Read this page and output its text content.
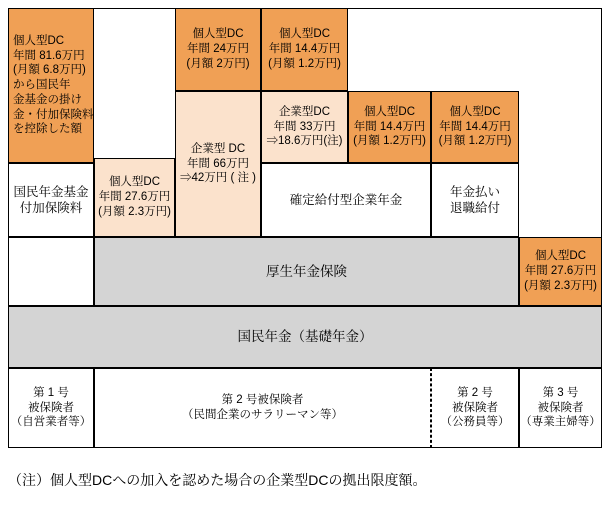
個人型DC
年間 81.6万円
(月額 6.8万円)
から国民年
金基金の掛け
金・付加保険料
を控除した額
国民年金基金
付加保険料
個人型DC
年間 27.6万円
(月額 2.3万円)
個人型DC
年間 24万円
(月額 2万円)
企業型 DC
年間 66万円
⇒42万円 ( 注 )
個人型DC
年間 14.4万円
(月額 1.2万円)
企業型DC
年間 33万円
⇒18.6万円(注)
確定給付型企業年金
個人型DC
年間 14.4万円
(月額 1.2万円)
個人型DC
年間 14.4万円
(月額 1.2万円)
年金払い
退職給付
厚生年金保険
個人型DC
年間 27.6万円
(月額 2.3万円)
国民年金（基礎年金）
第 1 号
被保険者
（自営業者等）
第 2 号被保険者
（民間企業のサラリーマン等）
第 2 号
被保険者
（公務員等）
第 3 号
被保険者
（専業主婦等）
（注）個人型DCへの加入を認めた場合の企業型DCの拠出限度額。
